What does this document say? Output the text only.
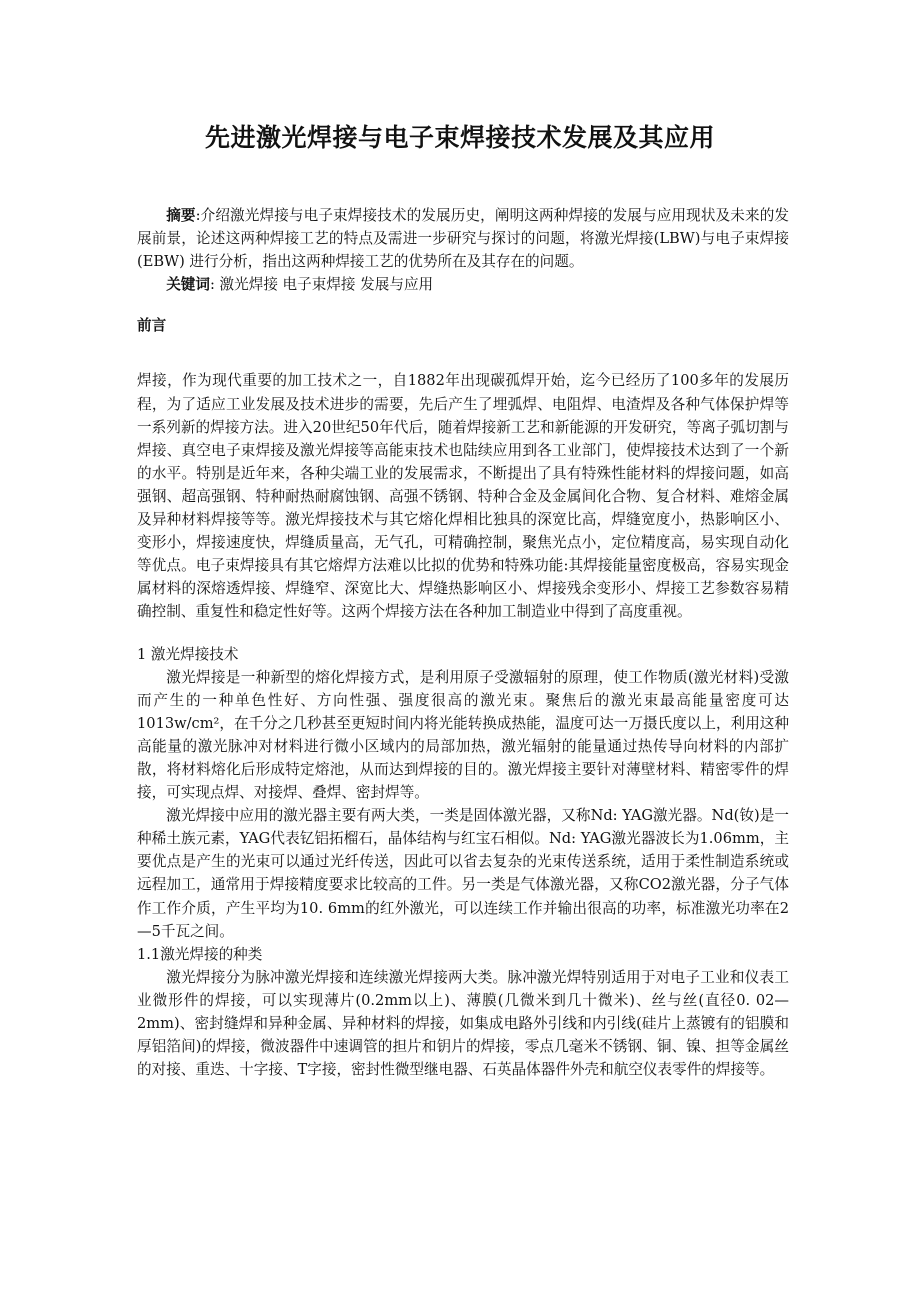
先进激光焊接与电子束焊接技术发展及其应用

摘要:介绍激光焊接与电子束焊接技术的发展历史，阐明这两种焊接的发展与应用现状及未来的发展前景，论述这两种焊接工艺的特点及需进一步研究与探讨的问题，将激光焊接(LBW)与电子束焊接(EBW) 进行分析，指出这两种焊接工艺的优势所在及其存在的问题。

关键词: 激光焊接 电子束焊接 发展与应用

前言

焊接，作为现代重要的加工技术之一，自1882年出现碳孤焊开始，迄今已经历了100多年的发展历程，为了适应工业发展及技术进步的需要，先后产生了埋弧焊、电阻焊、电渣焊及各种气体保护焊等一系列新的焊接方法。进入20世纪50年代后，随着焊接新工艺和新能源的开发研究，等离子弧切割与焊接、真空电子束焊接及激光焊接等高能束技术也陆续应用到各工业部门，使焊接技术达到了一个新的水平。特别是近年来，各种尖端工业的发展需求，不断提出了具有特殊性能材料的焊接问题，如高强钢、超高强钢、特种耐热耐腐蚀钢、高强不锈钢、特种合金及金属间化合物、复合材料、难熔金属及异种材料焊接等等。激光焊接技术与其它熔化焊相比独具的深宽比高，焊缝宽度小，热影响区小、变形小，焊接速度快，焊缝质量高，无气孔，可精确控制，聚焦光点小，定位精度高，易实现自动化等优点。电子束焊接具有其它熔焊方法难以比拟的优势和特殊功能:其焊接能量密度极高，容易实现金属材料的深熔透焊接、焊缝窄、深宽比大、焊缝热影响区小、焊接残余变形小、焊接工艺参数容易精确控制、重复性和稳定性好等。这两个焊接方法在各种加工制造业中得到了高度重视。

1 激光焊接技术

激光焊接是一种新型的熔化焊接方式，是利用原子受激辐射的原理，使工作物质(激光材料)受激而产生的一种单色性好、方向性强、强度很高的激光束。聚焦后的激光束最高能量密度可达1013w/cm²，在千分之几秒甚至更短时间内将光能转换成热能，温度可达一万摄氏度以上，利用这种高能量的激光脉冲对材料进行微小区域内的局部加热，激光辐射的能量通过热传导向材料的内部扩散，将材料熔化后形成特定熔池，从而达到焊接的目的。激光焊接主要针对薄壁材料、精密零件的焊接，可实现点焊、对接焊、叠焊、密封焊等。

激光焊接中应用的激光器主要有两大类，一类是固体激光器，又称Nd: YAG激光器。Nd(钕)是一种稀土族元素，YAG代表钇铝拓榴石，晶体结构与红宝石相似。Nd: YAG激光器波长为1.06mm，主要优点是产生的光束可以通过光纤传送，因此可以省去复杂的光束传送系统，适用于柔性制造系统或远程加工，通常用于焊接精度要求比较高的工件。另一类是气体激光器，又称CO2激光器，分子气体作工作介质，产生平均为10. 6mm的红外激光，可以连续工作并输出很高的功率，标准激光功率在2—5千瓦之间。

1.1激光焊接的种类

激光焊接分为脉冲激光焊接和连续激光焊接两大类。脉冲激光焊特别适用于对电子工业和仪表工业微形件的焊接，可以实现薄片(0.2mm以上)、薄膜(几微米到几十微米)、丝与丝(直径0. 02—2mm)、密封缝焊和异种金属、异种材料的焊接，如集成电路外引线和内引线(硅片上蒸镀有的铝膜和厚铝箔间)的焊接，微波器件中速调管的担片和钥片的焊接，零点几毫米不锈钢、铜、镍、担等金属丝的对接、重迭、十字接、T字接，密封性微型继电器、石英晶体器件外壳和航空仪表零件的焊接等。
